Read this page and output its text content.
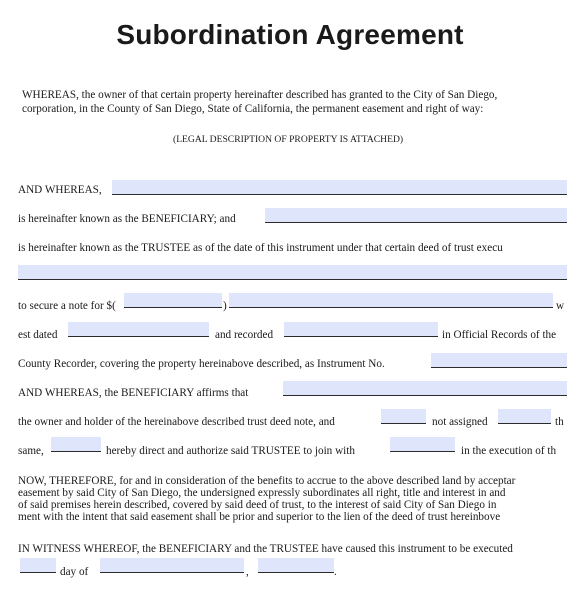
Subordination Agreement
WHEREAS, the owner of that certain property hereinafter described has granted to the City of San Diego,
corporation, in the County of San Diego, State of California, the permanent easement and right of way:
(LEGAL DESCRIPTION OF PROPERTY IS ATTACHED)
AND WHEREAS,
is hereinafter known as the BENEFICIARY; and
is hereinafter known as the TRUSTEE as of the date of this instrument under that certain deed of trust execu
to secure a note for $(	)	w
est dated	and recorded	in Official Records of the
County Recorder, covering the property hereinabove described, as Instrument No.
AND WHEREAS, the BENEFICIARY affirms that
the owner and holder of the hereinabove described trust deed note, and	not assigned	th
same,	hereby direct and authorize said TRUSTEE to join with	in the execution of th
NOW, THEREFORE, for and in consideration of the benefits to accrue to the above described land by acceptar
easement by said City of San Diego, the undersigned expressly subordinates all right, title and interest in and
of said premises herein described, covered by said deed of trust, to the interest of said City of San Diego in
ment with the intent that said easement shall be prior and superior to the lien of the deed of trust hereinbove
IN WITNESS WHEREOF, the BENEFICIARY and the TRUSTEE have caused this instrument to be executed
day of	,	.
